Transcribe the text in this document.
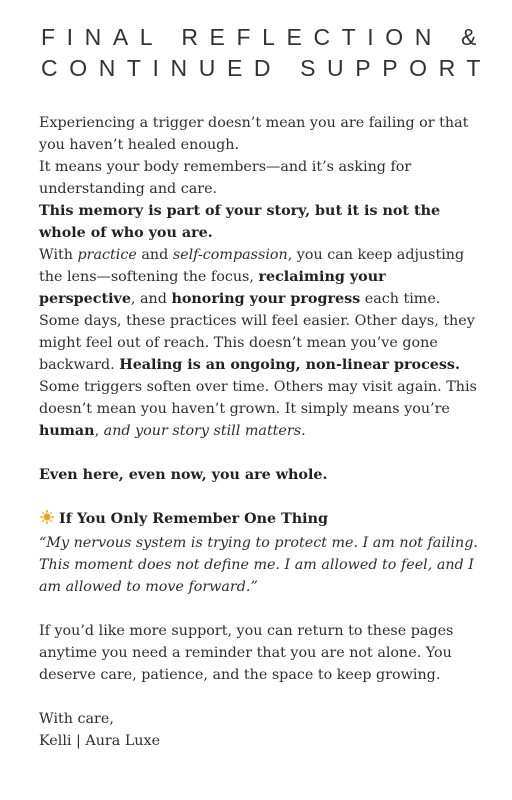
FINAL REFLECTION &
CONTINUED SUPPORT

Experiencing a trigger doesn’t mean you are failing or that you haven’t healed enough.

It means your body remembers—and it’s asking for understanding and care.

This memory is part of your story, but it is not the whole of who you are.

With practice and self-compassion, you can keep adjusting the lens—softening the focus, reclaiming your perspective, and honoring your progress each time. Some days, these practices will feel easier. Other days, they might feel out of reach. This doesn’t mean you’ve gone backward. Healing is an ongoing, non-linear process. Some triggers soften over time. Others may visit again. This doesn’t mean you haven’t grown. It simply means you’re human, and your story still matters.

Even here, even now, you are whole.

If You Only Remember One Thing

“My nervous system is trying to protect me. I am not failing. This moment does not define me. I am allowed to feel, and I am allowed to move forward.”

If you’d like more support, you can return to these pages anytime you need a reminder that you are not alone. You deserve care, patience, and the space to keep growing.

With care,

Kelli | Aura Luxe
